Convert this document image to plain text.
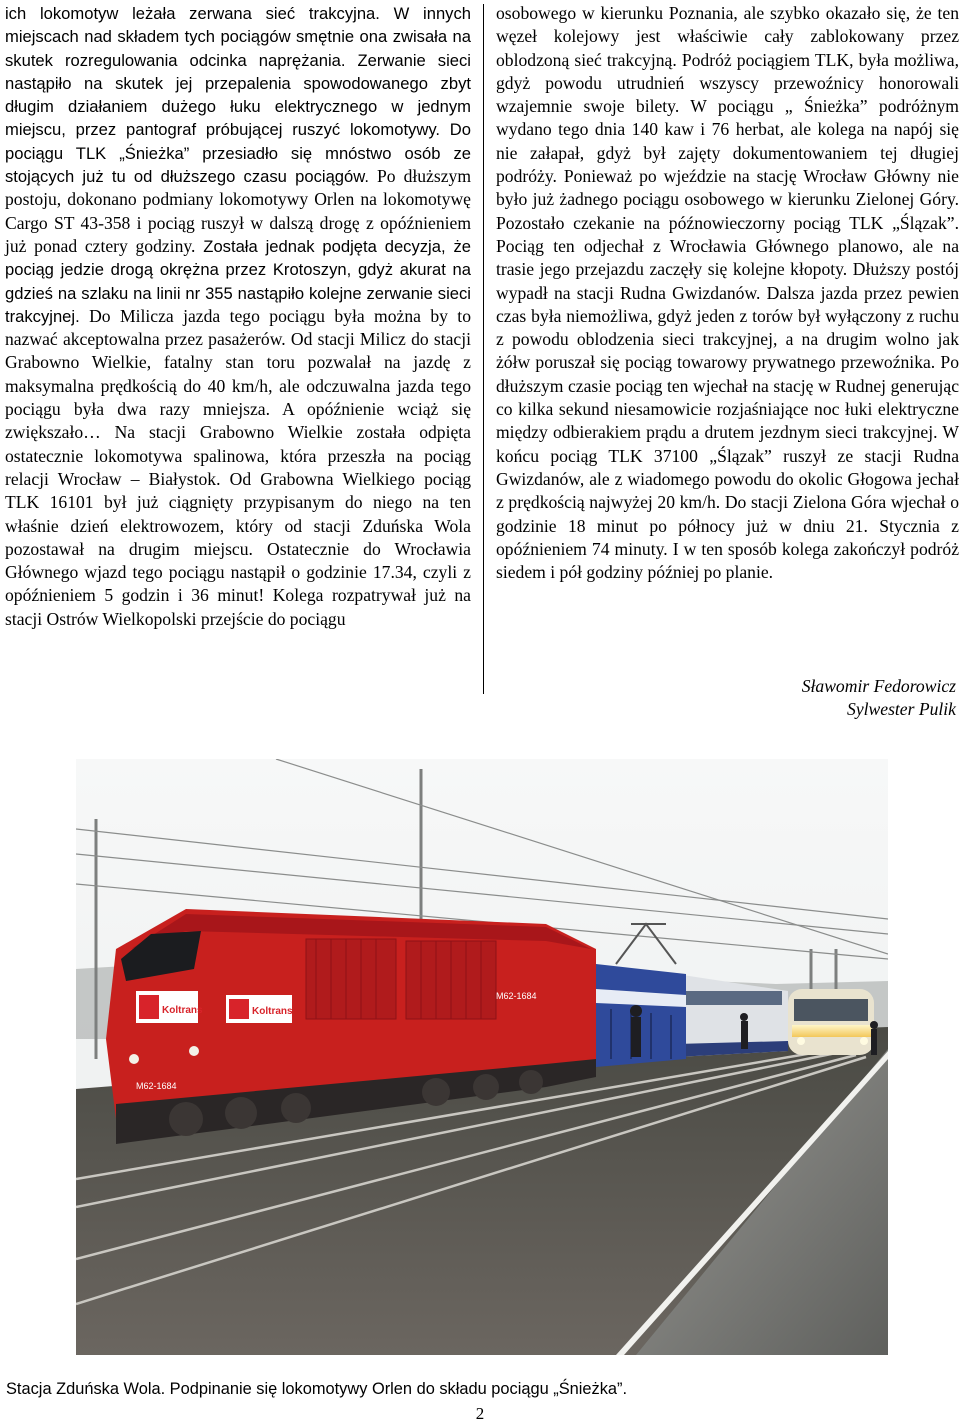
ich lokomotyw leżała zerwana sieć trakcyjna. W innych miejscach nad składem tych pociągów smętnie ona zwisała na skutek rozregulowania odcinka naprężania. Zerwanie sieci nastąpiło na skutek jej przepalenia spowodowanego zbyt długim działaniem dużego łuku elektrycznego w jednym miejscu, przez pantograf próbującej ruszyć lokomotywy. Do pociągu TLK „Śnieżka” przesiadło się mnóstwo osób ze stojących już tu od dłuższego czasu pociągów. Po dłuższym postoju, dokonano podmiany lokomotywy Orlen na lokomotywę Cargo ST 43-358 i pociąg ruszył w dalszą drogę z opóźnieniem już ponad cztery godziny. Została jednak podjęta decyzja, że pociąg jedzie drogą okrężna przez Krotoszyn, gdyż akurat na gdzieś na szlaku na linii nr 355 nastąpiło kolejne zerwanie sieci trakcyjnej. Do Milicza jazda tego pociągu była można by to nazwać akceptowalna przez pasażerów. Od stacji Milicz do stacji Grabowno Wielkie, fatalny stan toru pozwalał na jazdę z maksymalna prędkością do 40 km/h, ale odczuwalna jazda tego pociągu była dwa razy mniejsza. A opóźnienie wciąż się zwiększało… Na stacji Grabowno Wielkie została odpięta ostatecznie lokomotywa spalinowa, która przeszła na pociąg relacji Wrocław – Białystok. Od Grabowna Wielkiego pociąg TLK 16101 był już ciągnięty przypisanym do niego na ten właśnie dzień elektrowozem, który od stacji Zduńska Wola pozostawał na drugim miejscu. Ostatecznie do Wrocławia Głównego wjazd tego pociągu nastąpił o godzinie 17.34, czyli z opóźnieniem 5 godzin i 36 minut! Kolega rozpatrywał już na stacji Ostrów Wielkopolski przejście do pociągu

osobowego w kierunku Poznania, ale szybko okazało się, że ten węzeł kolejowy jest właściwie cały zablokowany przez oblodzoną sieć trakcyjną. Podróż pociągiem TLK, była możliwa, gdyż powodu utrudnień wszyscy przewoźnicy honorowali wzajemnie swoje bilety. W pociągu „ Śnieżka” podróżnym wydano tego dnia 140 kaw i 76 herbat, ale kolega na napój się nie załapał, gdyż był zajęty dokumentowaniem tej długiej podróży. Ponieważ po wjeździe na stację Wrocław Główny nie było już żadnego pociągu osobowego w kierunku Zielonej Góry. Pozostało czekanie na późnowieczorny pociąg TLK „Ślązak”. Pociąg ten odjechał z Wrocławia Głównego planowo, ale na trasie jego przejazdu zaczęły się kolejne kłopoty. Dłuższy postój wypadł na stacji Rudna Gwizdanów. Dalsza jazda przez pewien czas była niemożliwa, gdyż jeden z torów był wyłączony z ruchu z powodu oblodzenia sieci trakcyjnej, a na drugim wolno jak żółw poruszał się pociąg towarowy prywatnego przewoźnika. Po dłuższym czasie pociąg ten wjechał na stację w Rudnej generując co kilka sekund niesamowicie rozjaśniające noc łuki elektryczne między odbierakiem prądu a drutem jezdnym sieci trakcyjnej. W końcu pociąg TLK 37100 „Ślązak” ruszył ze stacji Rudna Gwizdanów, ale z wiadomego powodu do okolic Głogowa jechał z prędkością najwyżej 20 km/h. Do stacji Zielona Góra wjechał o godzinie 18 minut po północy już w dniu 21. Stycznia z opóźnieniem 74 minuty. I w ten sposób kolega zakończył podróż siedem i pół godziny później po planie.

Sławomir Fedorowicz
Sylwester Pulik
Koltrans	Koltrans
M62-1684
M62-1684
Stacja Zduńska Wola. Podpinanie się lokomotywy Orlen do składu pociągu „Śnieżka”.
2
